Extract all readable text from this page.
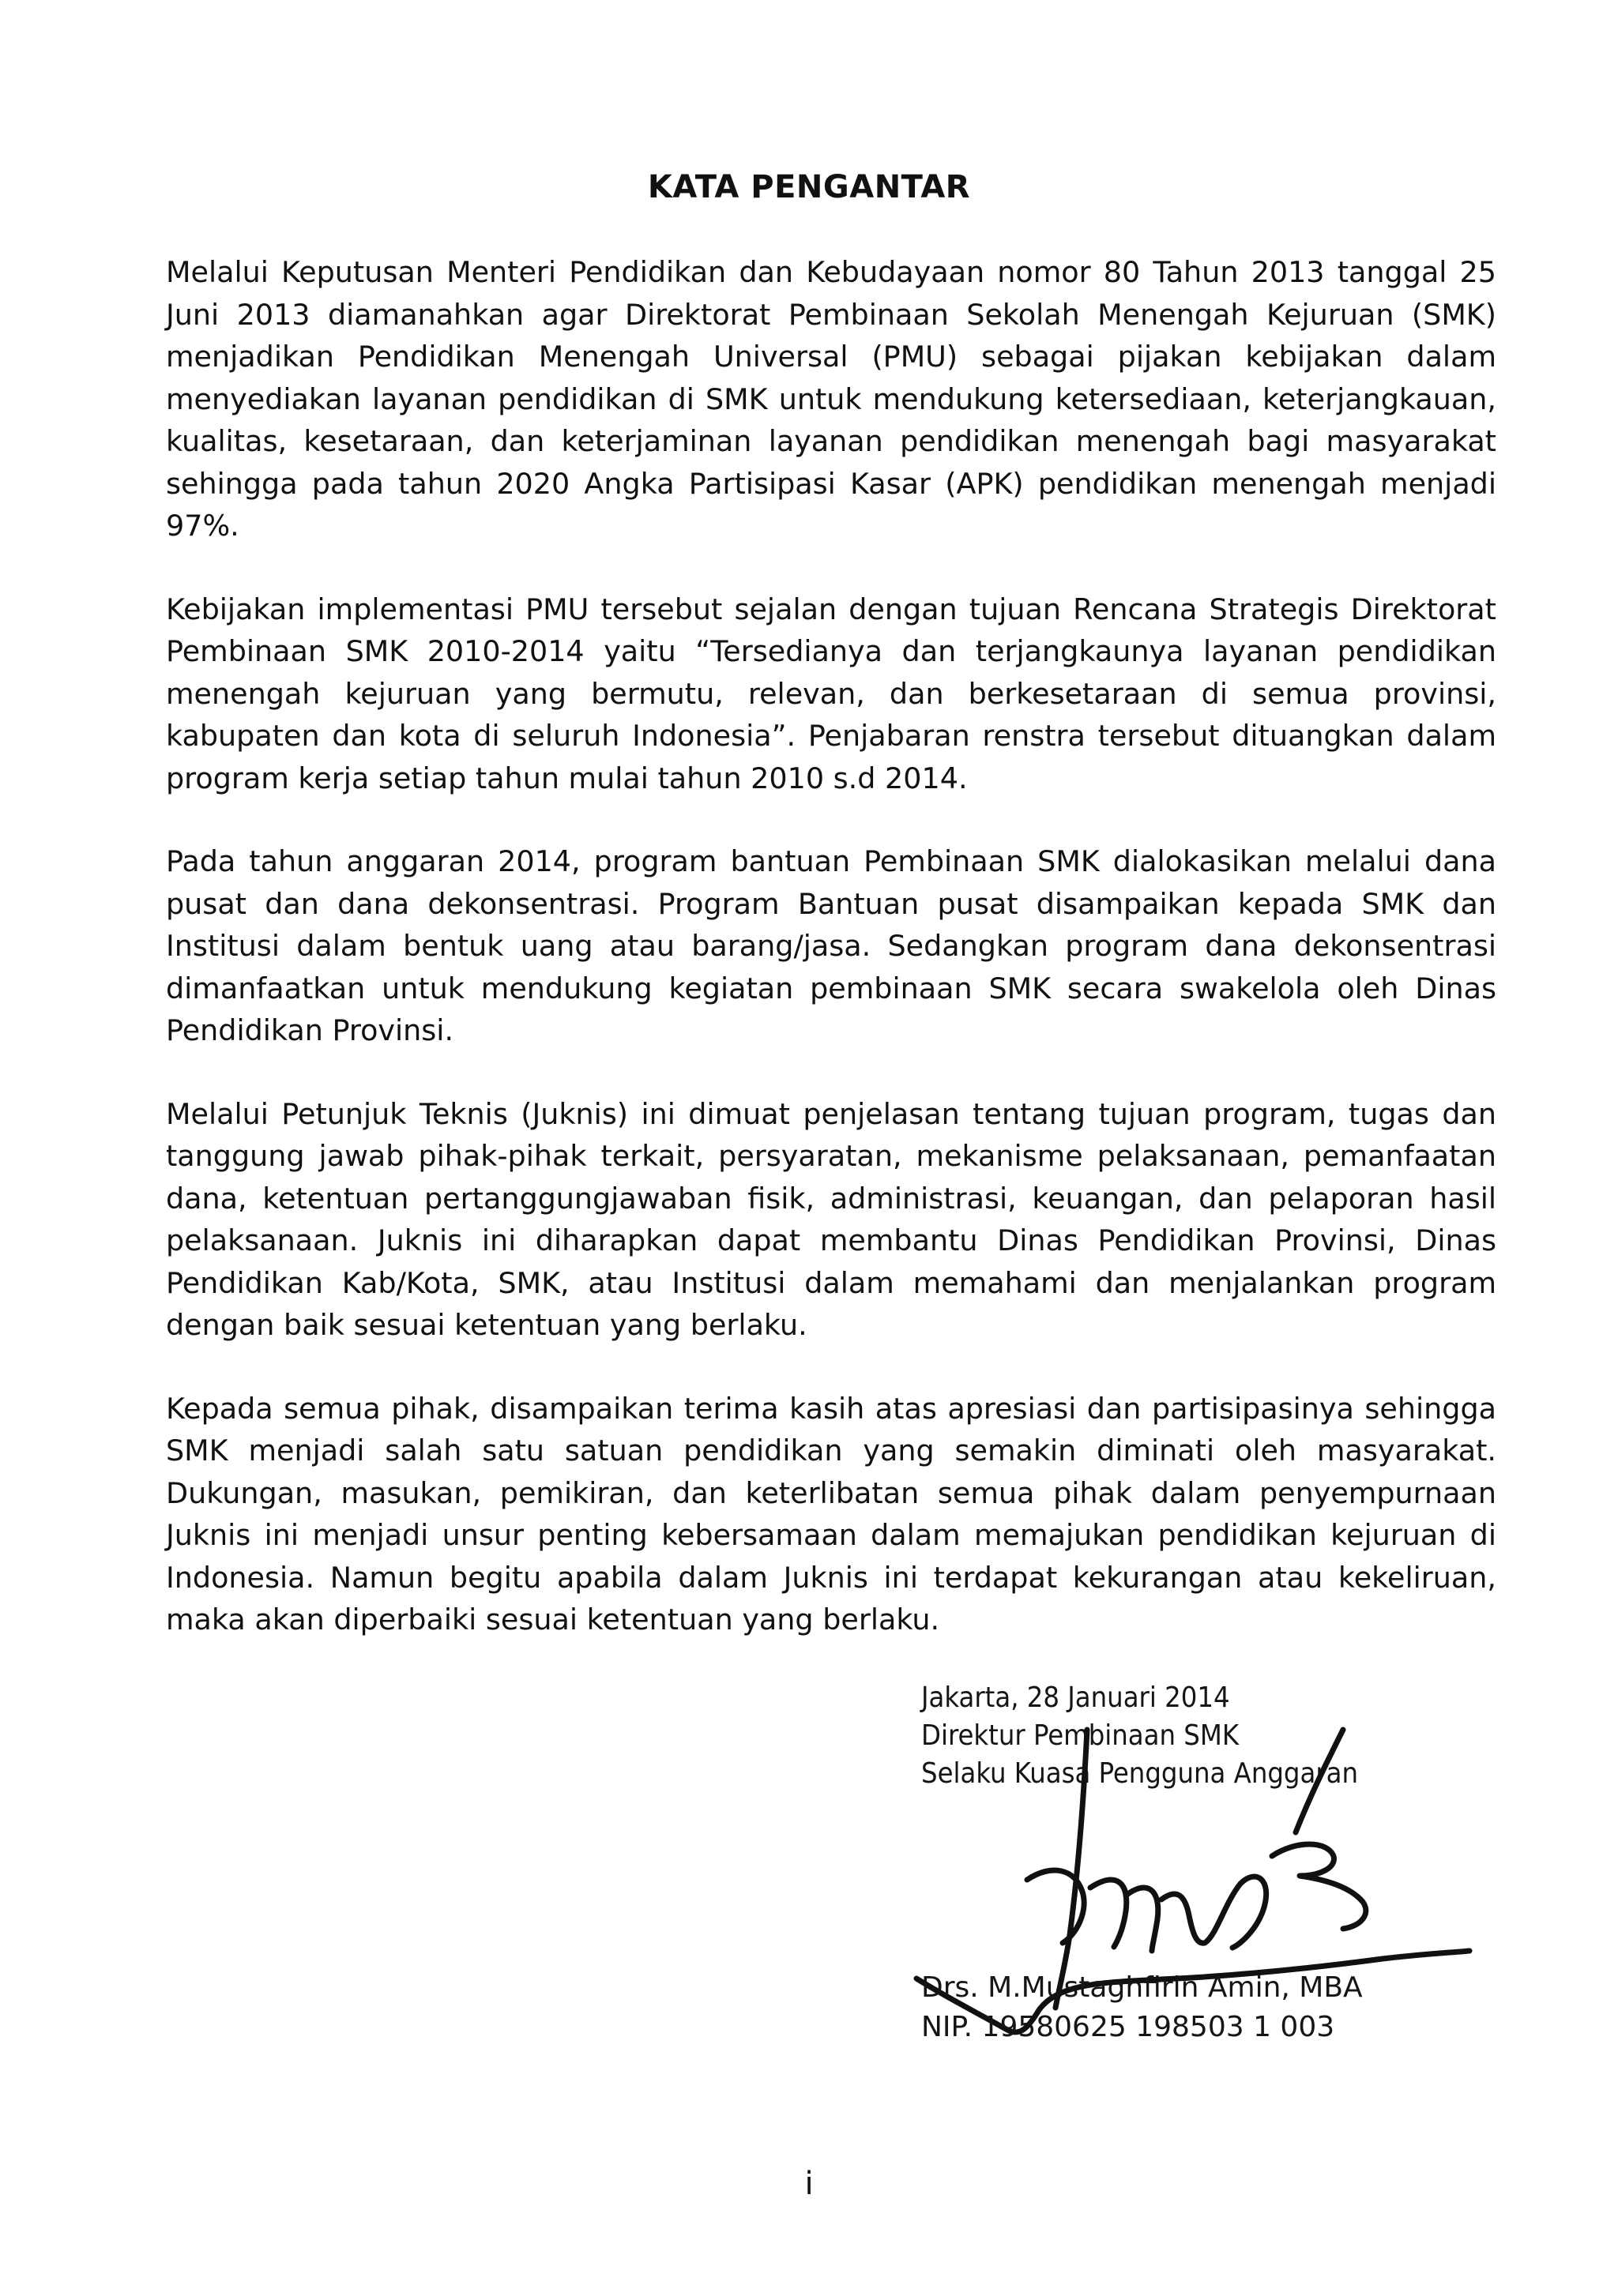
KATA PENGANTAR

Melalui Keputusan Menteri Pendidikan dan Kebudayaan nomor 80 Tahun 2013 tanggal 25 Juni 2013 diamanahkan agar Direktorat Pembinaan Sekolah Menengah Kejuruan (SMK) menjadikan Pendidikan Menengah Universal (PMU) sebagai pijakan kebijakan dalam menyediakan layanan pendidikan di SMK untuk mendukung ketersediaan, keterjangkauan, kualitas, kesetaraan, dan keterjaminan layanan pendidikan menengah bagi masyarakat sehingga pada tahun 2020 Angka Partisipasi Kasar (APK) pendidikan menengah menjadi 97%.

Kebijakan implementasi PMU tersebut sejalan dengan tujuan Rencana Strategis Direktorat Pembinaan SMK 2010-2014 yaitu “Tersedianya dan terjangkaunya layanan pendidikan menengah kejuruan yang bermutu, relevan, dan berkesetaraan di semua provinsi, kabupaten dan kota di seluruh Indonesia”. Penjabaran renstra tersebut dituangkan dalam program kerja setiap tahun mulai tahun 2010 s.d 2014.

Pada tahun anggaran 2014, program bantuan Pembinaan SMK dialokasikan melalui dana pusat dan dana dekonsentrasi. Program Bantuan pusat disampaikan kepada SMK dan Institusi dalam bentuk uang atau barang/jasa. Sedangkan program dana dekonsentrasi dimanfaatkan untuk mendukung kegiatan pembinaan SMK secara swakelola oleh Dinas Pendidikan Provinsi.

Melalui Petunjuk Teknis (Juknis) ini dimuat penjelasan tentang tujuan program, tugas dan tanggung jawab pihak-pihak terkait, persyaratan, mekanisme pelaksanaan, pemanfaatan dana, ketentuan pertanggungjawaban fisik, administrasi, keuangan, dan pelaporan hasil pelaksanaan. Juknis ini diharapkan dapat membantu Dinas Pendidikan Provinsi, Dinas Pendidikan Kab/Kota, SMK, atau Institusi dalam memahami dan menjalankan program dengan baik sesuai ketentuan yang berlaku.

Kepada semua pihak, disampaikan terima kasih atas apresiasi dan partisipasinya sehingga SMK menjadi salah satu satuan pendidikan yang semakin diminati oleh masyarakat. Dukungan, masukan, pemikiran, dan keterlibatan semua pihak dalam penyempurnaan Juknis ini menjadi unsur penting kebersamaan dalam memajukan pendidikan kejuruan di Indonesia. Namun begitu apabila dalam Juknis ini terdapat kekurangan atau kekeliruan, maka akan diperbaiki sesuai ketentuan yang berlaku.

Jakarta, 28 Januari 2014
Direktur Pembinaan SMK
Selaku Kuasa Pengguna Anggaran
Drs. M.Mustaghfirin Amin, MBA
NIP. 19580625 198503 1 003
i
